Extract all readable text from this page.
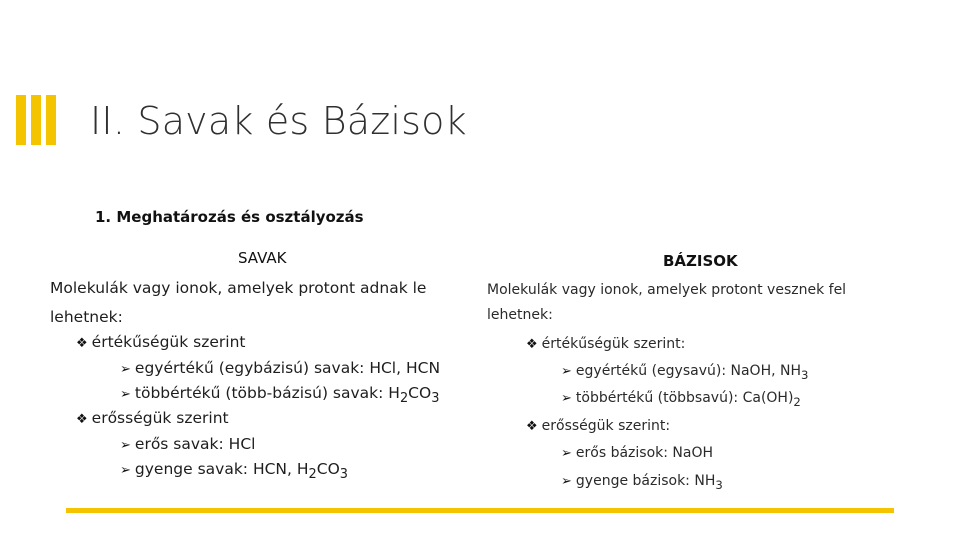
II. Savak és Bázisok
1. Meghatározás és osztályozás
SAVAK
Molekulák vagy ionok, amelyek protont adnak le
lehetnek:
❖ értékűségük szerint
➢ egyértékű (egybázisú) savak: HCl, HCN
➢ többértékű (több-bázisú) savak: $H_2CO_3$
❖ erősségük szerint
➢ erős savak: HCl
➢ gyenge savak: HCN, $H_2CO_3$
BÁZISOK
Molekulák vagy ionok, amelyek protont vesznek fel
lehetnek:
❖ értékűségük szerint:
➢ egyértékű (egysavú): NaOH, $NH_3$
➢ többértékű (többsavú): $Ca(OH)_2$
❖ erősségük szerint:
➢ erős bázisok: NaOH
➢ gyenge bázisok: $NH_3$
